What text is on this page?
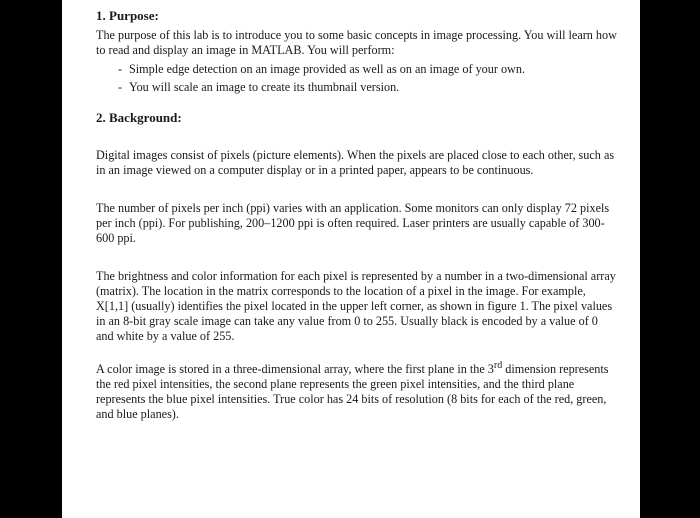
1. Purpose:

The purpose of this lab is to introduce you to some basic concepts in image processing. You will learn how to read and display an image in MATLAB. You will perform:

- Simple edge detection on an image provided as well as on an image of your own.
- You will scale an image to create its thumbnail version.

2. Background:

Digital images consist of pixels (picture elements). When the pixels are placed close to each other, such as in an image viewed on a computer display or in a printed paper, appears to be continuous.

The number of pixels per inch (ppi) varies with an application. Some monitors can only display 72 pixels per inch (ppi). For publishing, 200–1200 ppi is often required. Laser printers are usually capable of 300- 600 ppi.

The brightness and color information for each pixel is represented by a number in a two-dimensional array (matrix). The location in the matrix corresponds to the location of a pixel in the image. For example, X[1,1] (usually) identifies the pixel located in the upper left corner, as shown in figure 1. The pixel values in an 8-bit gray scale image can take any value from 0 to 255. Usually black is encoded by a value of 0 and white by a value of 255.

A color image is stored in a three-dimensional array, where the first plane in the 3rd dimension represents the red pixel intensities, the second plane represents the green pixel intensities, and the third plane represents the blue pixel intensities. True color has 24 bits of resolution (8 bits for each of the red, green, and blue planes).
